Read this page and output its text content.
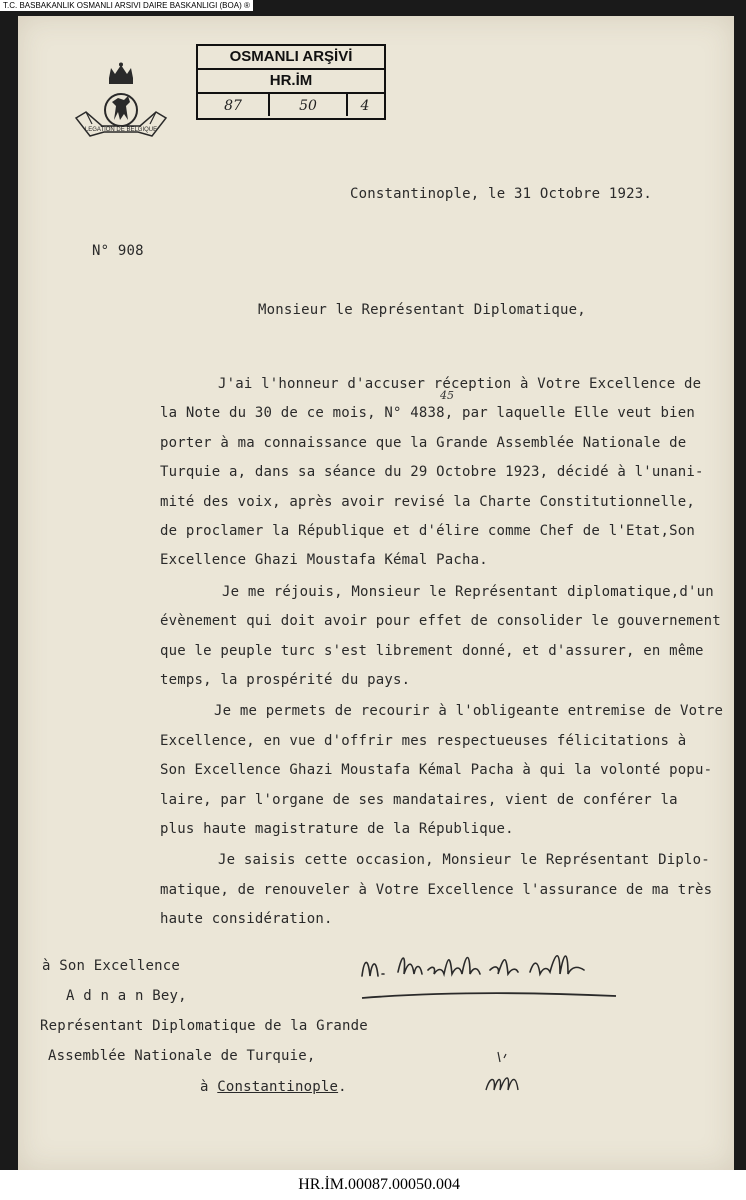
T.C. BASBAKANLIK OSMANLI ARSIVI DAIRE BASKANLIGI (BOA) ®
LEGATION DE BELGIQUE
OSMANLI ARŞİVİ
HR.İM
87	50	4
Constantinople, le 31 Octobre 1923.
N° 908
Monsieur le Représentant Diplomatique,
45
J'ai l'honneur d'accuser réception à Votre Excellence de
la Note du 30 de ce mois, N° 4838, par laquelle Elle veut bien
porter à ma connaissance que la Grande Assemblée Nationale de
Turquie a, dans sa séance du 29 Octobre 1923, décidé à l'unani-
mité des voix, après avoir revisé la Charte Constitutionnelle,
de proclamer la République et d'élire comme Chef de l'Etat,Son
Excellence Ghazi Moustafa Kémal Pacha.
Je me réjouis, Monsieur le Représentant diplomatique,d'un
évènement qui doit avoir pour effet de consolider le gouvernement
que le peuple turc s'est librement donné, et d'assurer, en même
temps, la prospérité du pays.
Je me permets de recourir à l'obligeante entremise de Votre
Excellence, en vue d'offrir mes respectueuses félicitations à
Son Excellence Ghazi Moustafa Kémal Pacha à qui la volonté popu-
laire, par l'organe de ses mandataires, vient de conférer la
plus haute magistrature de la République.
Je saisis cette occasion, Monsieur le Représentant Diplo-
matique, de renouveler à Votre Excellence l'assurance de ma très
haute considération.
à Son Excellence
A d n a n Bey,
Représentant Diplomatique de la Grande
Assemblée Nationale de Turquie,
à Constantinople.
HR.İM.00087.00050.004
